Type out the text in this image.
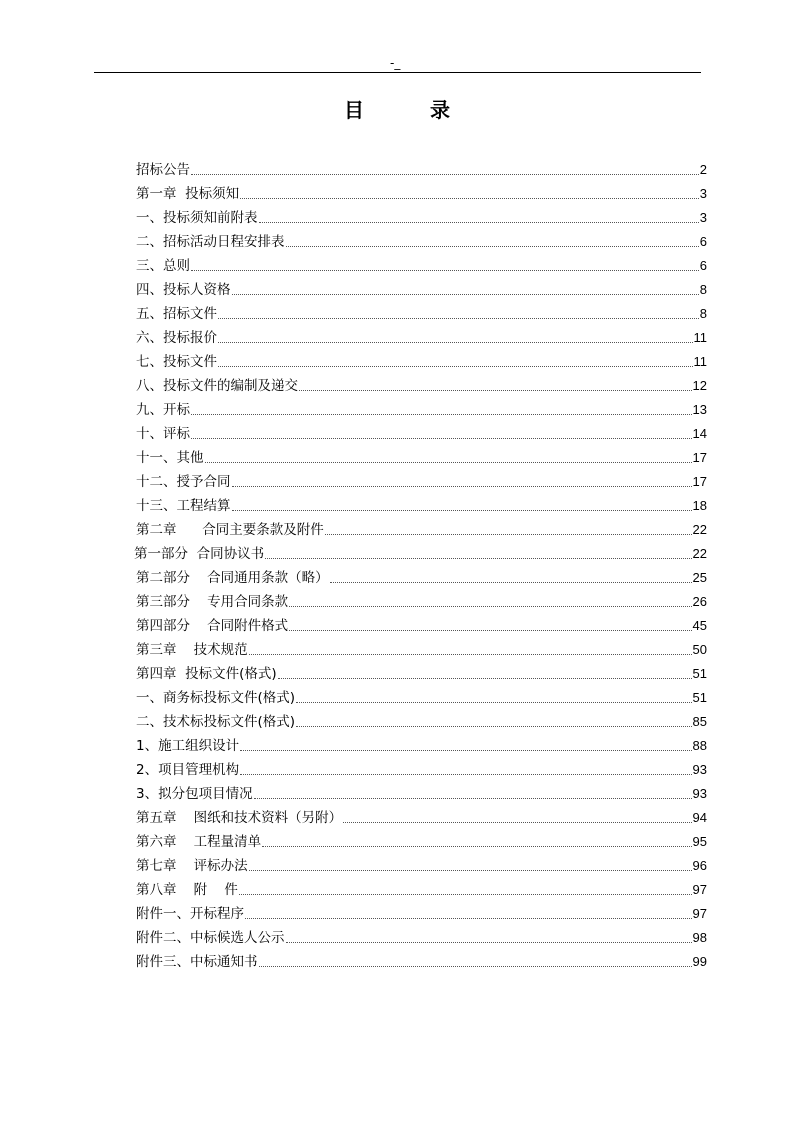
-_
目	录
招标公告	2
第一章  投标须知	3
一、投标须知前附表	3
二、招标活动日程安排表	6
三、总则	6
四、投标人资格	8
五、招标文件	8
六、投标报价	11
七、投标文件	11
八、投标文件的编制及递交	12
九、开标	13
十、评标	14
十一、其他	17
十二、授予合同	17
十三、工程结算	18
第二章      合同主要条款及附件	22
第一部分  合同协议书	22
第二部分    合同通用条款（略）	25
第三部分    专用合同条款	26
第四部分    合同附件格式	45
第三章    技术规范	50
第四章  投标文件(格式)	51
一、商务标投标文件(格式)	51
二、技术标投标文件(格式)	85
1、施工组织设计	88
2、项目管理机构	93
3、拟分包项目情况	93
第五章    图纸和技术资料（另附）	94
第六章    工程量清单	95
第七章    评标办法	96
第八章    附    件	97
附件一、开标程序	97
附件二、中标候选人公示	98
附件三、中标通知书	99
